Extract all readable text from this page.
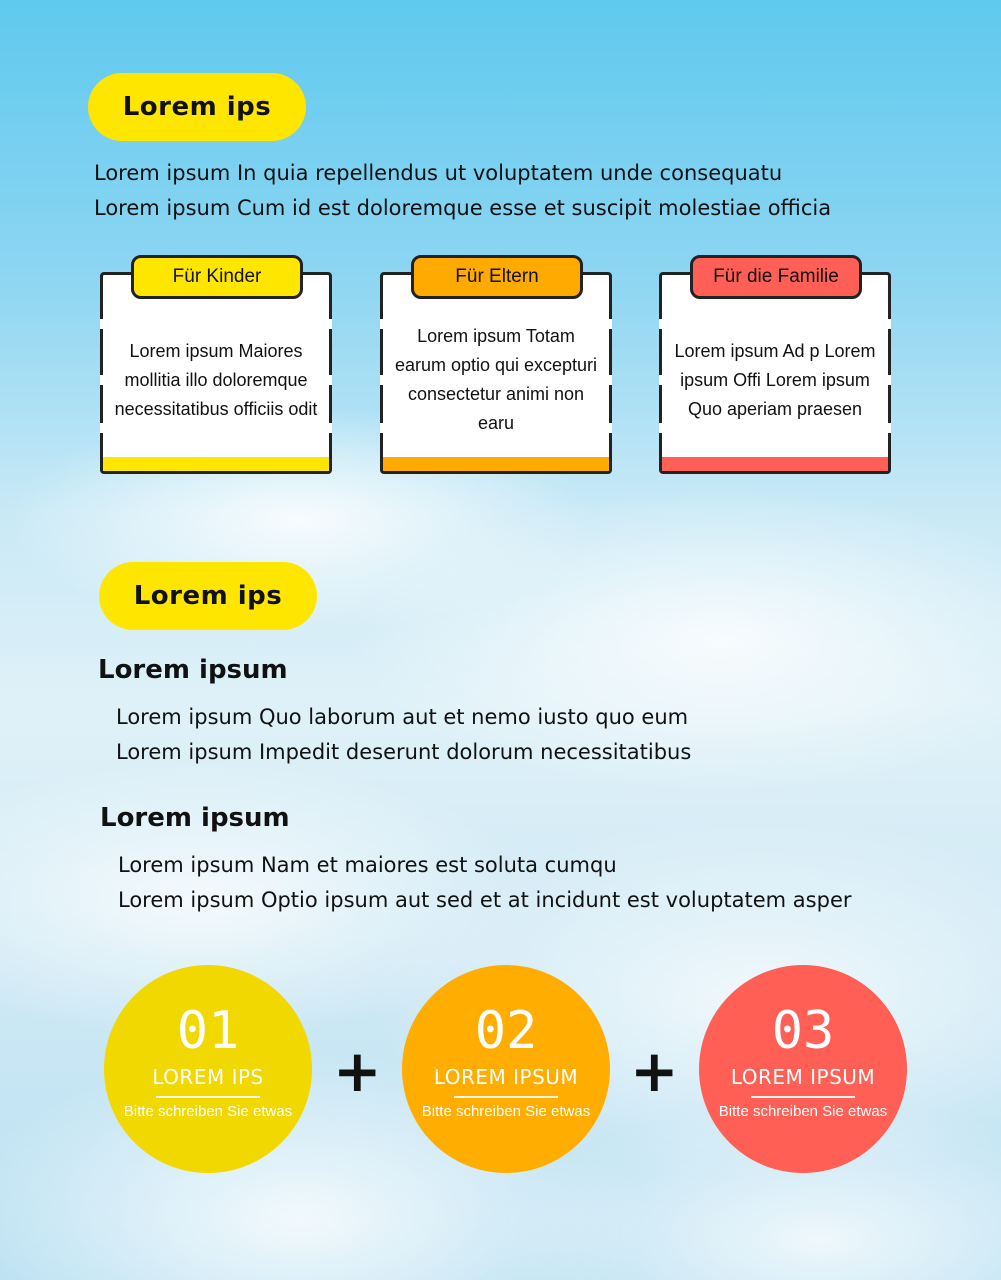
Lorem ips

Lorem ipsum In quia repellendus ut voluptatem unde consequatu

Lorem ipsum Cum id est doloremque esse et suscipit molestiae officia

Für Kinder
Lorem ipsum Maiores mollitia illo doloremque necessitatibus officiis odit
Für Eltern
Lorem ipsum Totam earum optio qui excepturi consectetur animi non earu
Für die Familie
Lorem ipsum Ad p Lorem ipsum Offi Lorem ipsum Quo aperiam praesen
Lorem ips
Lorem ipsum

Lorem ipsum Quo laborum aut et nemo iusto quo eum

Lorem ipsum Impedit deserunt dolorum necessitatibus

Lorem ipsum

Lorem ipsum Nam et maiores est soluta cumqu

Lorem ipsum Optio ipsum aut sed et at incidunt est voluptatem asper

01
LOREM IPS
Bitte schreiben Sie etwas
+
02
LOREM IPSUM
Bitte schreiben Sie etwas
+
03
LOREM IPSUM
Bitte schreiben Sie etwas
